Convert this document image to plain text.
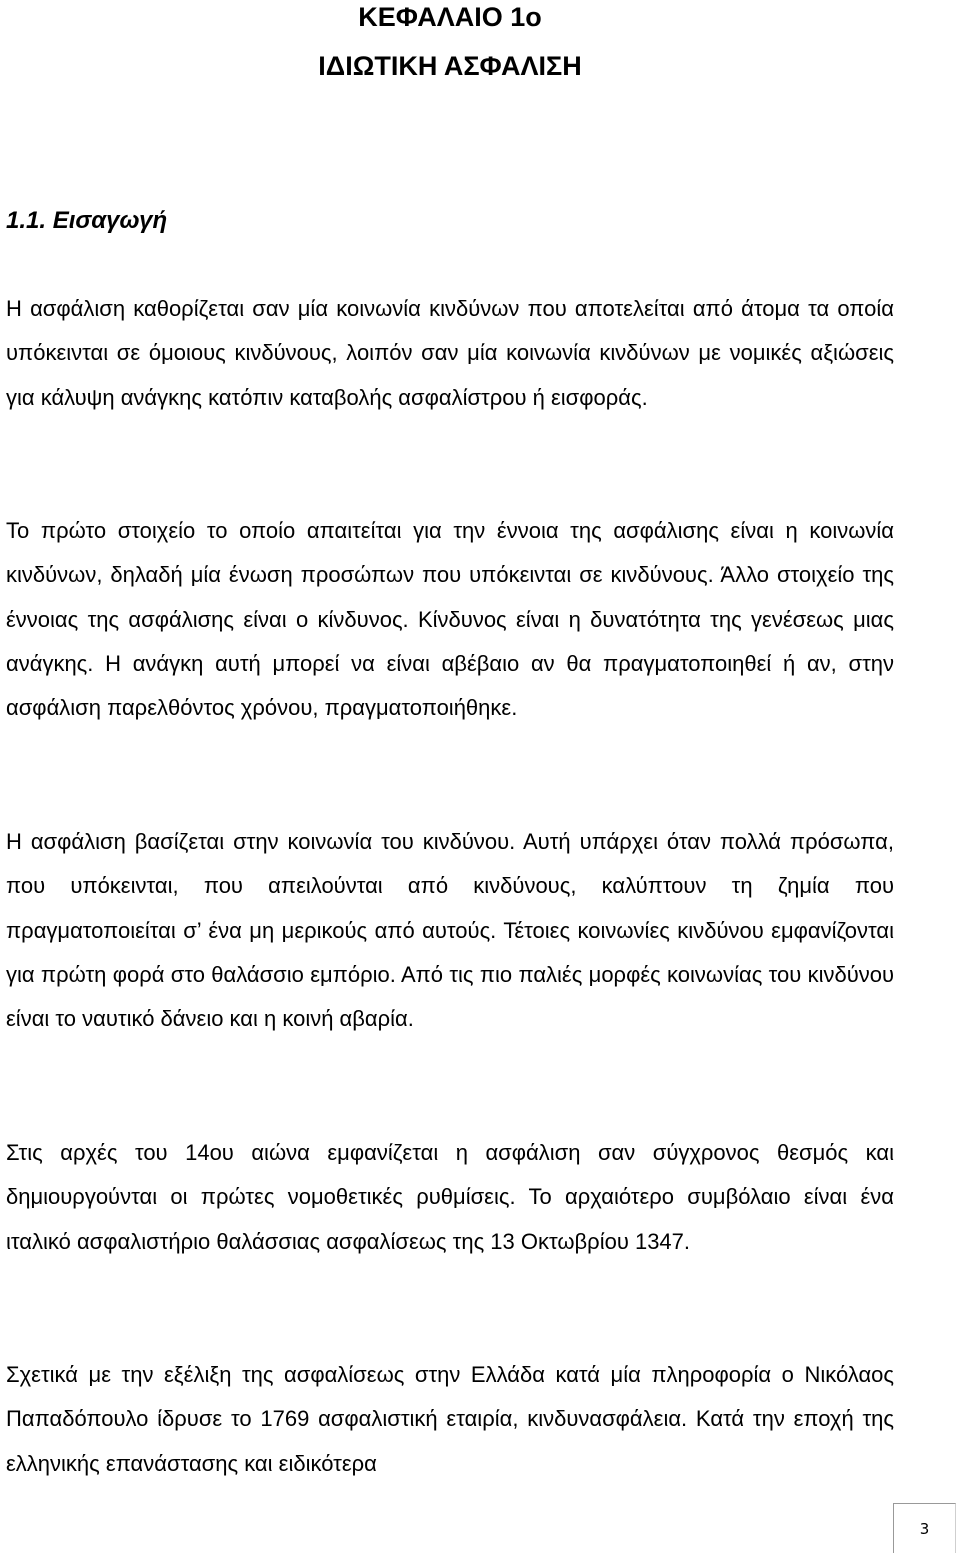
ΚΕΦΑΛΑΙΟ 1ο
ΙΔΙΩΤΙΚΗ ΑΣΦΑΛΙΣΗ
1.1. Εισαγωγή

Η ασφάλιση καθορίζεται σαν μία κοινωνία κινδύνων που αποτελείται από άτομα τα οποία υπόκεινται σε όμοιους κινδύνους, λοιπόν σαν μία κοινωνία κινδύνων με νομικές αξιώσεις για κάλυψη ανάγκης κατόπιν καταβολής ασφαλίστρου ή εισφοράς.

Το πρώτο στοιχείο το οποίο απαιτείται για την έννοια της ασφάλισης είναι η κοινωνία κινδύνων, δηλαδή μία ένωση προσώπων που υπόκεινται σε κινδύνους. Άλλο στοιχείο της έννοιας της ασφάλισης είναι ο κίνδυνος. Κίνδυνος είναι η δυνατότητα της γενέσεως μιας ανάγκης. Η ανάγκη αυτή μπορεί να είναι αβέβαιο αν θα πραγματοποιηθεί ή αν, στην ασφάλιση παρελθόντος χρόνου, πραγματοποιήθηκε.

Η ασφάλιση βασίζεται στην κοινωνία του κινδύνου. Αυτή υπάρχει όταν πολλά πρόσωπα, που υπόκεινται, που απειλούνται από κινδύνους, καλύπτουν τη ζημία που πραγματοποιείται σ’ ένα μη μερικούς από αυτούς. Τέτοιες κοινωνίες κινδύνου εμφανίζονται για πρώτη φορά στο θαλάσσιο εμπόριο. Από τις πιο παλιές μορφές κοινωνίας του κινδύνου είναι το ναυτικό δάνειο και η κοινή αβαρία.

Στις αρχές του 14ου αιώνα εμφανίζεται η ασφάλιση σαν σύγχρονος θεσμός και δημιουργούνται οι πρώτες νομοθετικές ρυθμίσεις. Το αρχαιότερο συμβόλαιο είναι ένα ιταλικό ασφαλιστήριο θαλάσσιας ασφαλίσεως της 13 Οκτωβρίου 1347.

Σχετικά με την εξέλιξη της ασφαλίσεως στην Ελλάδα κατά μία πληροφορία ο Νικόλαος Παπαδόπουλο ίδρυσε το 1769 ασφαλιστική εταιρία, κινδυνασφάλεια. Κατά την εποχή της ελληνικής επανάστασης και ειδικότερα

3
